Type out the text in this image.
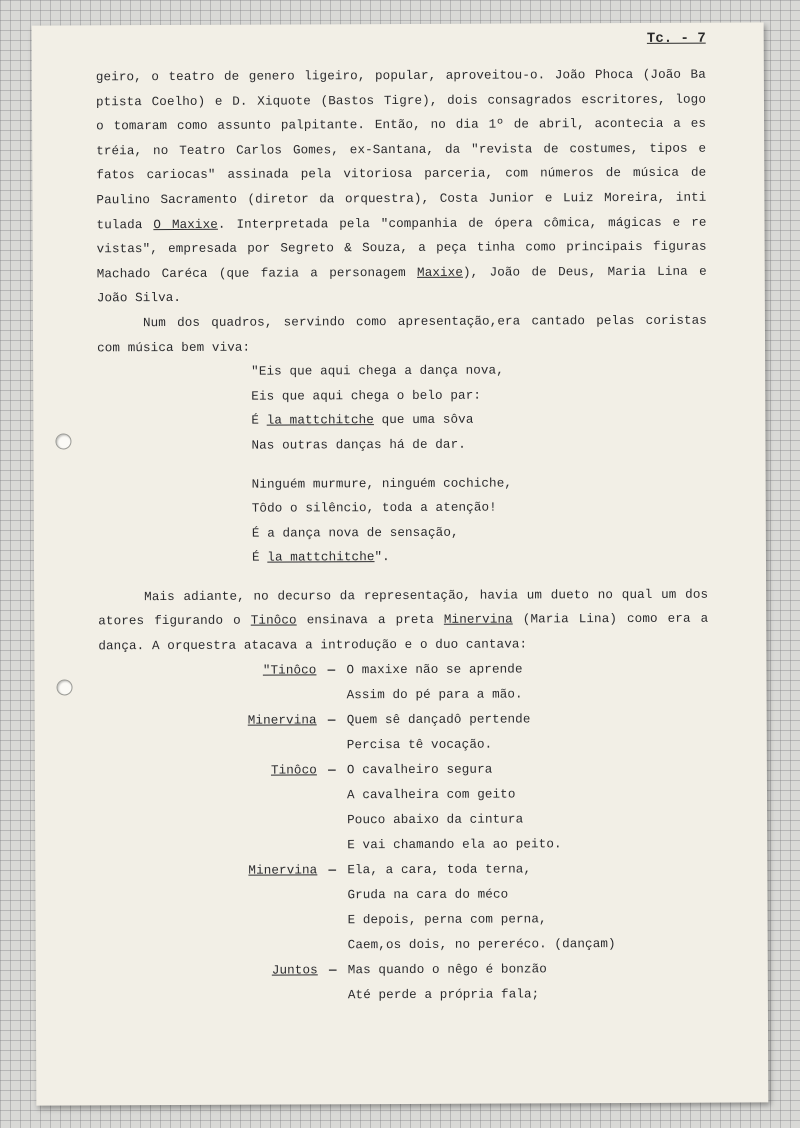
Tc. - 7
geiro, o teatro de genero ligeiro, popular, aproveitou-o. João Phoca (João Ba
ptista Coelho) e D. Xiquote (Bastos Tigre), dois consagrados escritores, logo
o tomaram como assunto palpitante. Então, no dia 1º de abril, acontecia a es
tréia, no Teatro Carlos Gomes, ex-Santana, da "revista de costumes, tipos e
fatos cariocas" assinada pela vitoriosa parceria, com números de música de
Paulino Sacramento (diretor da orquestra), Costa Junior e Luiz Moreira, inti
tulada O Maxixe. Interpretada pela "companhia de ópera cômica, mágicas e re
vistas", empresada por Segreto & Souza, a peça tinha como principais figuras
Machado Caréca (que fazia a personagem Maxixe), João de Deus, Maria Lina e
João Silva.
Num dos quadros, servindo como apresentação,era cantado pelas coristas
com música bem viva:
"Eis que aqui chega a dança nova,
Eis que aqui chega o belo par:
É la mattchitche que uma sôva
Nas outras danças há de dar.
Ninguém murmure, ninguém cochiche,
Tôdo o silêncio, toda a atenção!
É a dança nova de sensação,
É la mattchitche".
Mais adiante, no decurso da representação, havia um dueto no qual um dos
atores figurando o Tinôco ensinava a preta Minervina (Maria Lina) como era a
dança. A orquestra atacava a introdução e o duo cantava:
"Tinôco — O maxixe não se aprende
Assim do pé para a mão.
Minervina — Quem sê dançadô pertende
Percisa tê vocação.
Tinôco — O cavalheiro segura
A cavalheira com geito
Pouco abaixo da cintura
E vai chamando ela ao peito.
Minervina — Ela, a cara, toda terna,
Gruda na cara do méco
E depois, perna com perna,
Caem,os dois, no pereréco. (dançam)
Juntos — Mas quando o nêgo é bonzão
Até perde a própria fala;
